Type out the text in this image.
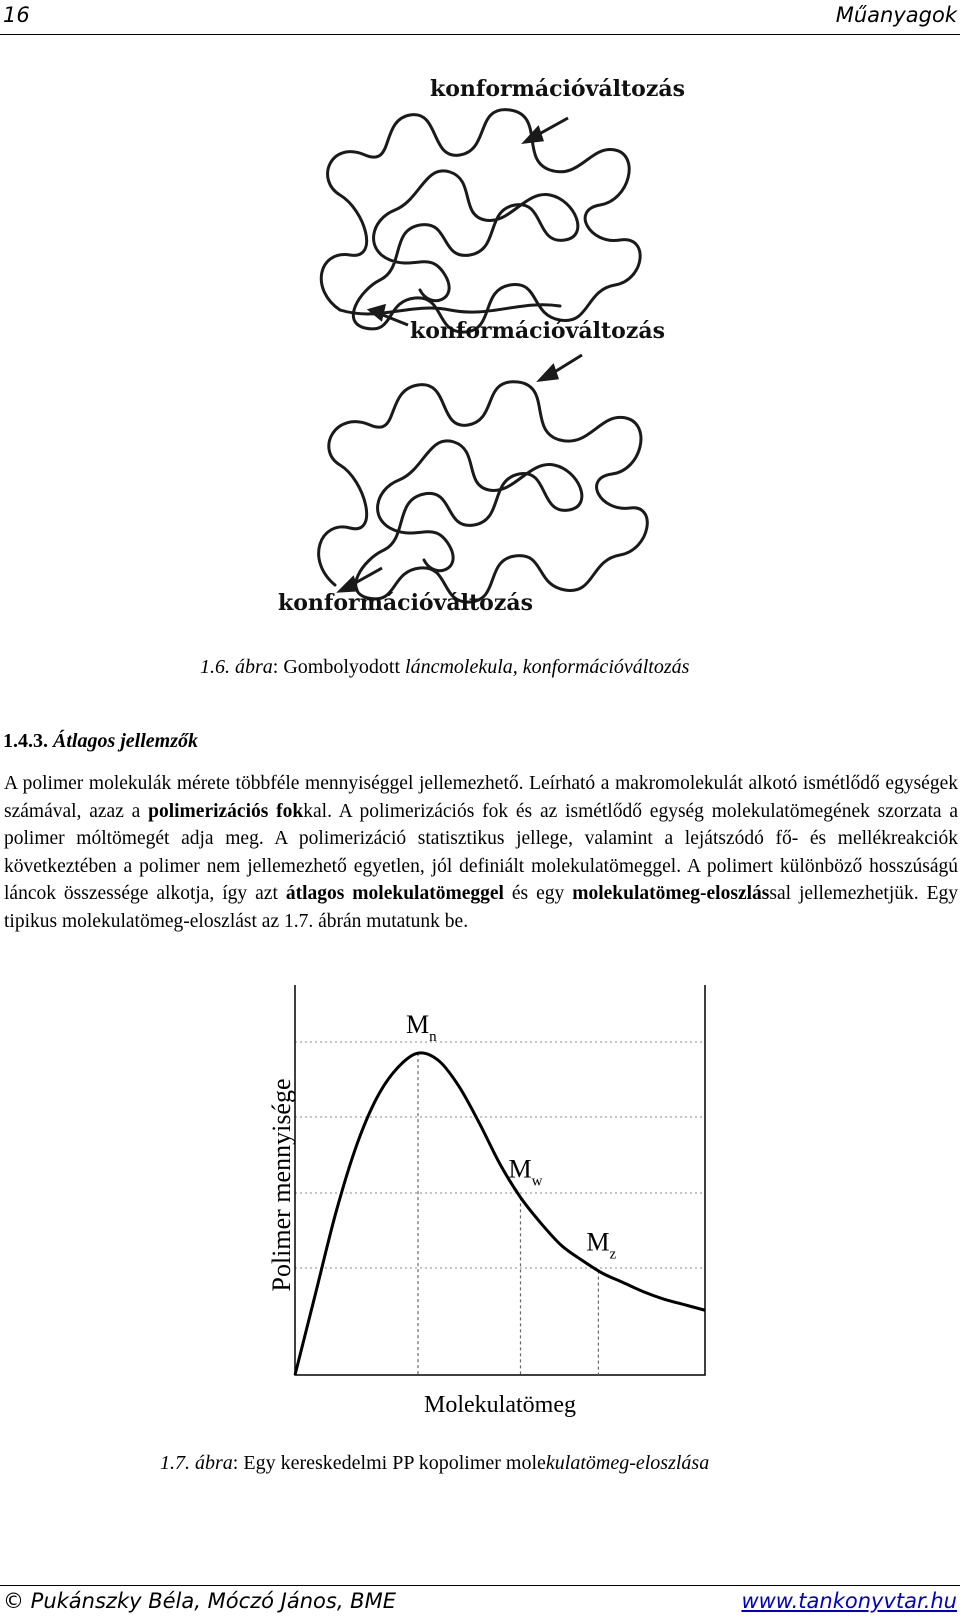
16	Műanyagok
konformációváltozás
konformációváltozás
konformációváltozás
1.6. ábra: Gombolyodott láncmolekula, konformációváltozás
1.4.3. Átlagos jellemzők

A polimer molekulák mérete többféle mennyiséggel jellemezhető. Leírható a makromolekulát alkotó ismétlődő egységek számával, azaz a polimerizációs fokkal. A polimerizációs fok és az ismétlődő egység molekulatömegének szorzata a polimer móltömegét adja meg. A polimerizáció statisztikus jellege, valamint a lejátszódó fő- és mellékreakciók következtében a polimer nem jellemezhető egyetlen, jól definiált molekulatömeggel. A polimert különböző hosszúságú láncok összessége alkotja, így azt átlagos molekulatömeggel és egy molekulatömeg-eloszlással jellemezhetjük. Egy tipikus molekulatömeg-eloszlást az 1.7. ábrán mutatunk be.

$M_n$
$M_w$
$M_z$
Polimer mennyisége
Molekulatömeg
1.7. ábra: Egy kereskedelmi PP kopolimer molekulatömeg-eloszlása
© Pukánszky Béla, Móczó János, BME	www.tankonyvtar.hu
